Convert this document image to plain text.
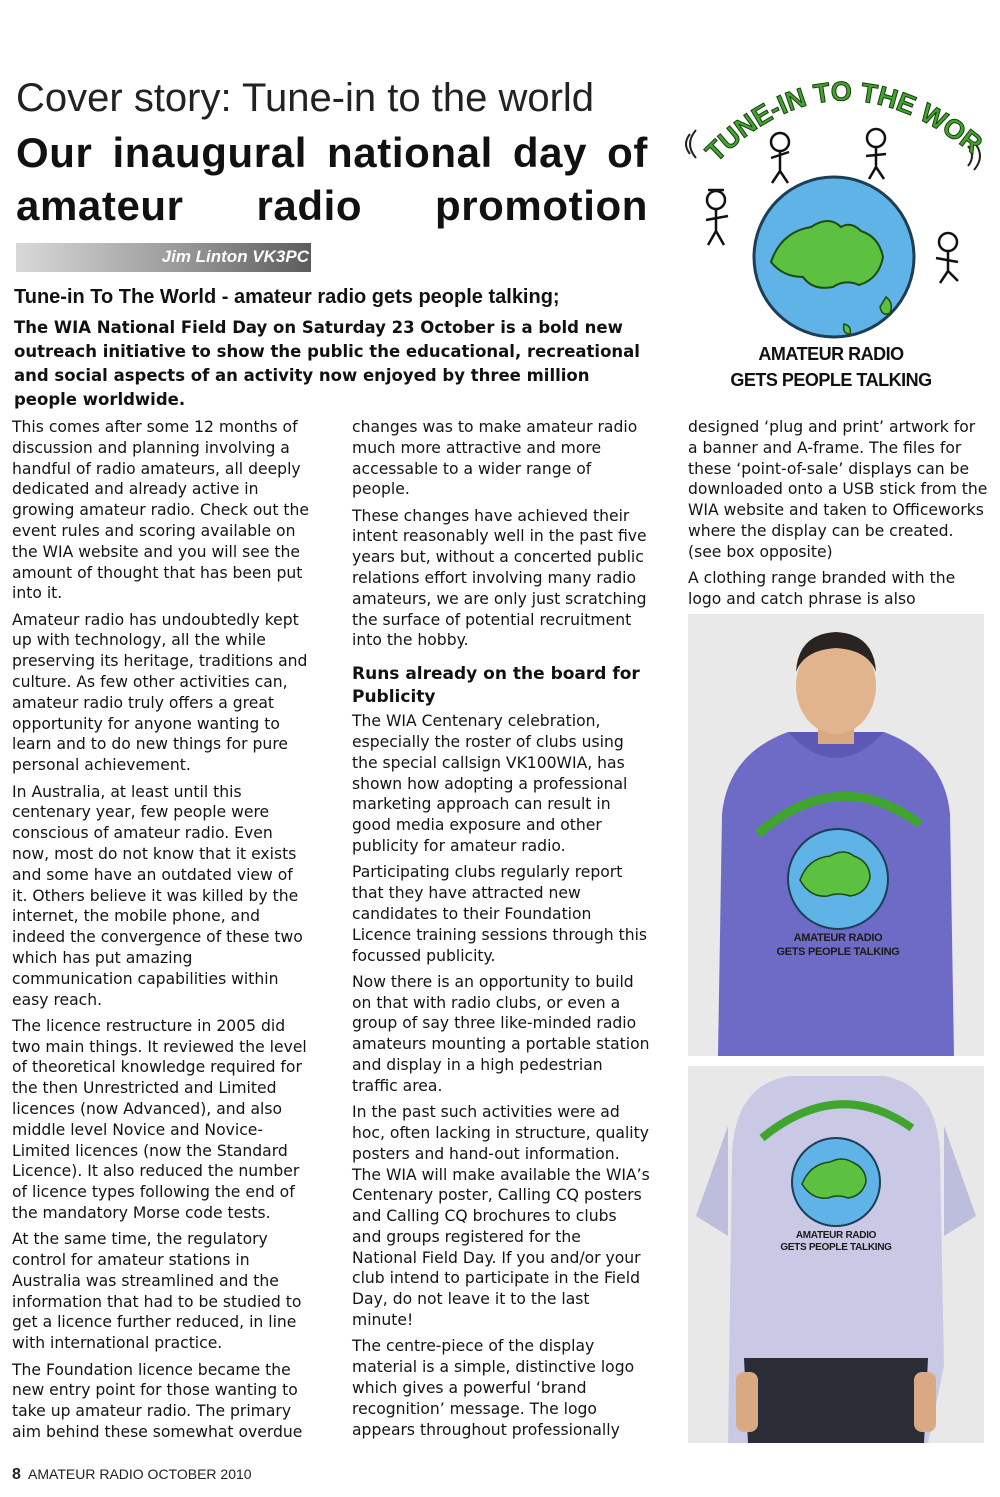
Cover story: Tune-in to the world
Our inaugural national day of amateur radio promotion
Jim Linton VK3PC
Tune-in To The World - amateur radio gets people talking;
The WIA National Field Day on Saturday 23 October is a bold new outreach initiative to show the public the educational, recreational and social aspects of an activity now enjoyed by three million people worldwide.

This comes after some 12 months of discussion and planning involving a handful of radio amateurs, all deeply dedicated and already active in growing amateur radio. Check out the event rules and scoring available on the WIA website and you will see the amount of thought that has been put into it.

Amateur radio has undoubtedly kept up with technology, all the while preserving its heritage, traditions and culture. As few other activities can, amateur radio truly offers a great opportunity for anyone wanting to learn and to do new things for pure personal achievement.

In Australia, at least until this centenary year, few people were conscious of amateur radio. Even now, most do not know that it exists and some have an outdated view of it. Others believe it was killed by the internet, the mobile phone, and indeed the convergence of these two which has put amazing communication capabilities within easy reach.

The licence restructure in 2005 did two main things. It reviewed the level of theoretical knowledge required for the then Unrestricted and Limited licences (now Advanced), and also middle level Novice and Novice-Limited licences (now the Standard Licence). It also reduced the number of licence types following the end of the mandatory Morse code tests.

At the same time, the regulatory control for amateur stations in Australia was streamlined and the information that had to be studied to get a licence further reduced, in line with international practice.

The Foundation licence became the new entry point for those wanting to take up amateur radio. The primary aim behind these somewhat overdue

changes was to make amateur radio much more attractive and more accessable to a wider range of people.

These changes have achieved their intent reasonably well in the past five years but, without a concerted public relations effort involving many radio amateurs, we are only just scratching the surface of potential recruitment into the hobby.

Runs already on the board for Publicity

The WIA Centenary celebration, especially the roster of clubs using the special callsign VK100WIA, has shown how adopting a professional marketing approach can result in good media exposure and other publicity for amateur radio.

Participating clubs regularly report that they have attracted new candidates to their Foundation Licence training sessions through this focussed publicity.

Now there is an opportunity to build on that with radio clubs, or even a group of say three like-minded radio amateurs mounting a portable station and display in a high pedestrian traffic area.

In the past such activities were ad hoc, often lacking in structure, quality posters and hand-out information. The WIA will make available the WIA’s Centenary poster, Calling CQ posters and Calling CQ brochures to clubs and groups registered for the National Field Day. If you and/or your club intend to participate in the Field Day, do not leave it to the last minute!

The centre-piece of the display material is a simple, distinctive logo which gives a powerful ‘brand recognition’ message. The logo appears throughout professionally

designed ‘plug and print’ artwork for a banner and A-frame. The files for these ‘point-of-sale’ displays can be downloaded onto a USB stick from the WIA website and taken to Officeworks where the display can be created. (see box opposite)

A clothing range branded with the logo and catch phrase is also

TUNE-IN TO THE WOR
AMATEUR RADIO
GETS PEOPLE TALKING
AMATEUR RADIO
GETS PEOPLE TALKING
AMATEUR RADIO
GETS PEOPLE TALKING
8 AMATEUR RADIO OCTOBER 2010
